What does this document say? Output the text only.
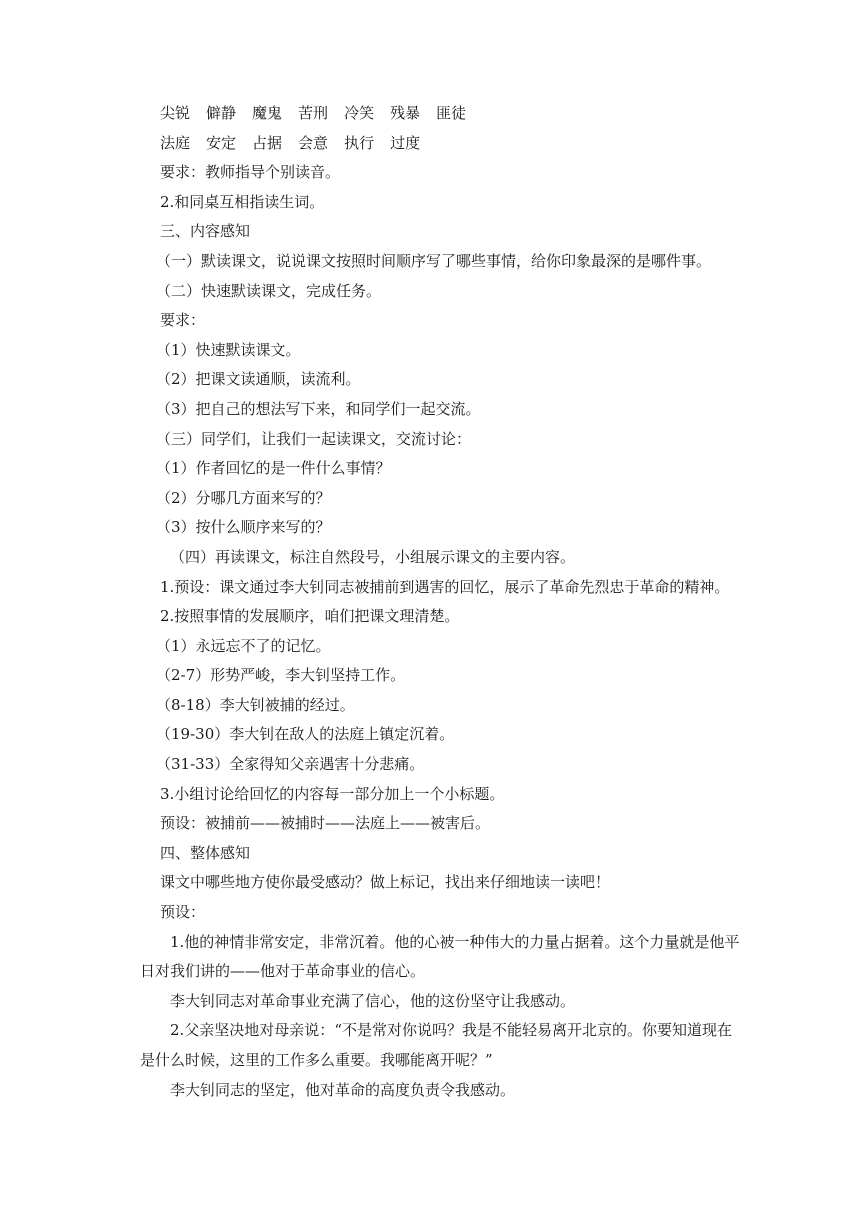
尖锐 僻静 魔鬼 苦刑 冷笑 残暴 匪徒
法庭 安定 占据 会意 执行 过度
要求：教师指导个别读音。
2.和同桌互相指读生词。
三、内容感知
（一）默读课文，说说课文按照时间顺序写了哪些事情，给你印象最深的是哪件事。
（二）快速默读课文，完成任务。
要求：
（1）快速默读课文。
（2）把课文读通顺，读流利。
（3）把自己的想法写下来，和同学们一起交流。
（三）同学们，让我们一起读课文，交流讨论：
（1）作者回忆的是一件什么事情？
（2）分哪几方面来写的？
（3）按什么顺序来写的？
（四）再读课文，标注自然段号，小组展示课文的主要内容。
1.预设：课文通过李大钊同志被捕前到遇害的回忆，展示了革命先烈忠于革命的精神。
2.按照事情的发展顺序，咱们把课文理清楚。
（1）永远忘不了的记忆。
（2-7）形势严峻，李大钊坚持工作。
（8-18）李大钊被捕的经过。
（19-30）李大钊在敌人的法庭上镇定沉着。
（31-33）全家得知父亲遇害十分悲痛。
3.小组讨论给回忆的内容每一部分加上一个小标题。
预设：被捕前——被捕时——法庭上——被害后。
四、整体感知
课文中哪些地方使你最受感动？做上标记，找出来仔细地读一读吧！
预设：
1.他的神情非常安定，非常沉着。他的心被一种伟大的力量占据着。这个力量就是他平日对我们讲的——他对于革命事业的信心。
李大钊同志对革命事业充满了信心，他的这份坚守让我感动。
2.父亲坚决地对母亲说：“不是常对你说吗？我是不能轻易离开北京的。你要知道现在是什么时候，这里的工作多么重要。我哪能离开呢？”
李大钊同志的坚定，他对革命的高度负责令我感动。
